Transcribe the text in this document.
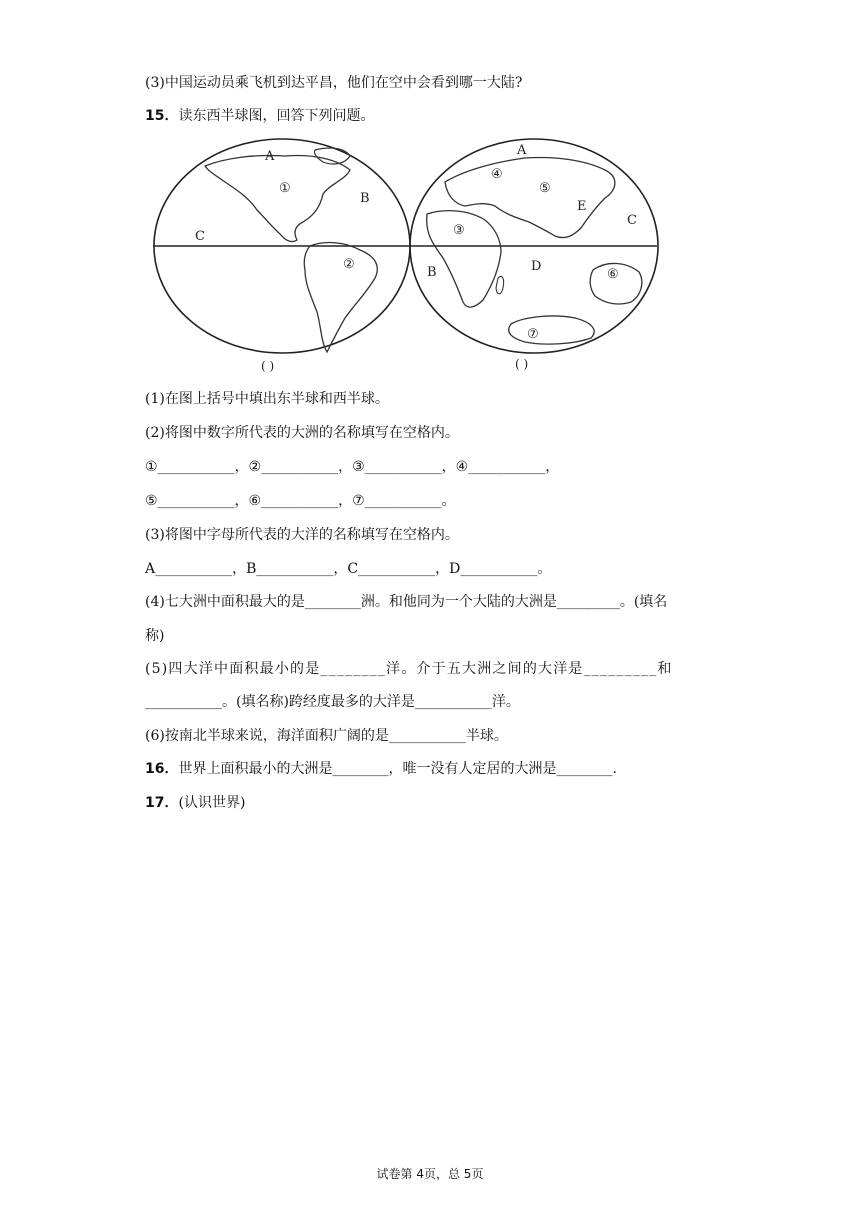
(3)中国运动员乘飞机到达平昌，他们在空中会看到哪一大陆?
15．读东西半球图，回答下列问题。
A
B
C
①
②
( )
A
B
C
D
E
③
④
⑤
⑥
⑦
( )
(1)在图上括号中填出东半球和西半球。
(2)将图中数字所代表的大洲的名称填写在空格内。
①___________，②___________，③___________，④___________，
⑤___________，⑥___________，⑦___________。
(3)将图中字母所代表的大洋的名称填写在空格内。
A___________，B___________，C___________，D___________。
(4)七大洲中面积最大的是________洲。和他同为一个大陆的大洲是_________。(填名
称)
(5)四大洋中面积最小的是________洋。介于五大洲之间的大洋是_________和
___________。(填名称)跨经度最多的大洋是___________洋。
(6)按南北半球来说，海洋面积广阔的是___________半球。
16．世界上面积最小的大洲是________，唯一没有人定居的大洲是________.
17．(认识世界)
试卷第 4页，总 5页
